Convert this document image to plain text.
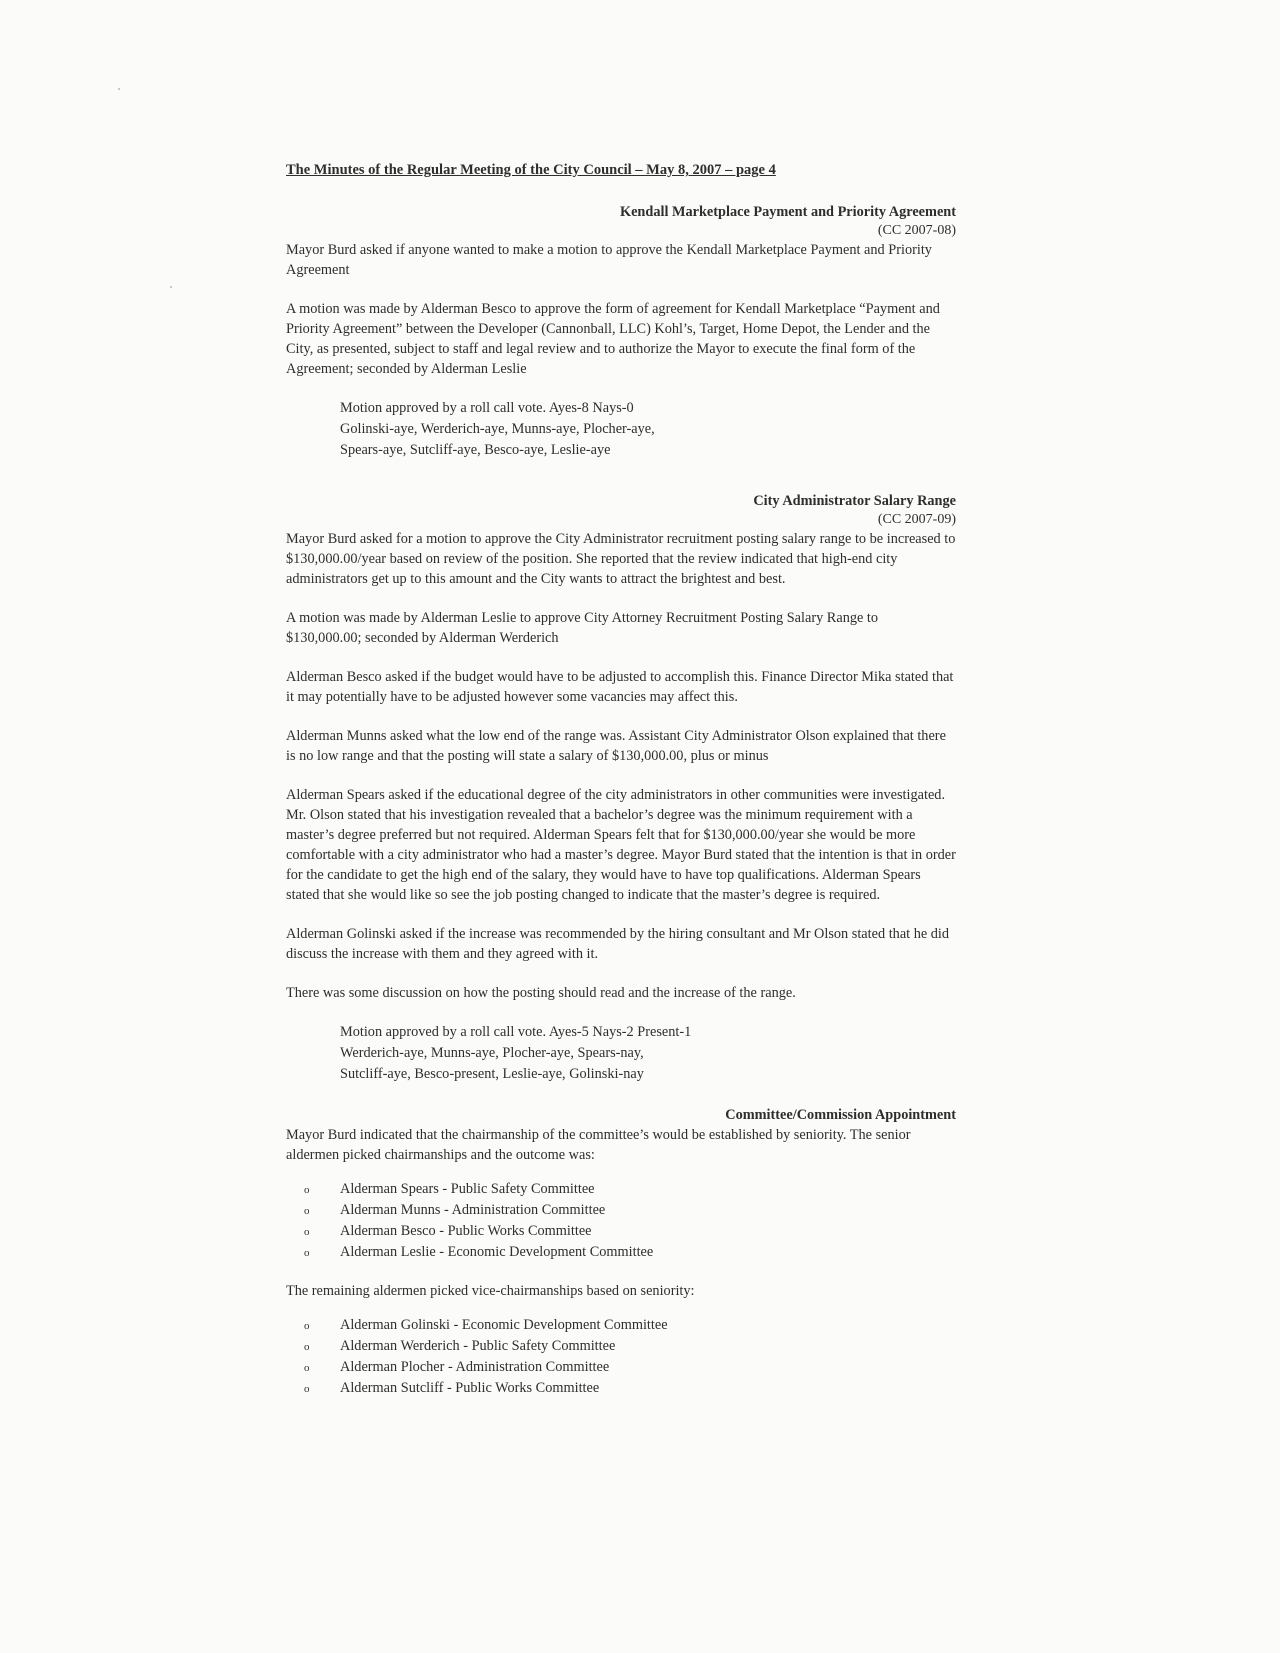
The Minutes of the Regular Meeting of the City Council – May 8, 2007 – page 4
Kendall Marketplace Payment and Priority Agreement
(CC 2007-08)

Mayor Burd asked if anyone wanted to make a motion to approve the Kendall Marketplace Payment and Priority Agreement

A motion was made by Alderman Besco to approve the form of agreement for Kendall Marketplace “Payment and Priority Agreement” between the Developer (Cannonball, LLC) Kohl’s, Target, Home Depot, the Lender and the City, as presented, subject to staff and legal review and to authorize the Mayor to execute the final form of the Agreement; seconded by Alderman Leslie

Motion approved by a roll call vote. Ayes-8 Nays-0
Golinski-aye, Werderich-aye, Munns-aye, Plocher-aye,
Spears-aye, Sutcliff-aye, Besco-aye, Leslie-aye
City Administrator Salary Range
(CC 2007-09)

Mayor Burd asked for a motion to approve the City Administrator recruitment posting salary range to be increased to $130,000.00/year based on review of the position. She reported that the review indicated that high-end city administrators get up to this amount and the City wants to attract the brightest and best.

A motion was made by Alderman Leslie to approve City Attorney Recruitment Posting Salary Range to $130,000.00; seconded by Alderman Werderich

Alderman Besco asked if the budget would have to be adjusted to accomplish this. Finance Director Mika stated that it may potentially have to be adjusted however some vacancies may affect this.

Alderman Munns asked what the low end of the range was. Assistant City Administrator Olson explained that there is no low range and that the posting will state a salary of $130,000.00, plus or minus

Alderman Spears asked if the educational degree of the city administrators in other communities were investigated. Mr. Olson stated that his investigation revealed that a bachelor’s degree was the minimum requirement with a master’s degree preferred but not required. Alderman Spears felt that for $130,000.00/year she would be more comfortable with a city administrator who had a master’s degree. Mayor Burd stated that the intention is that in order for the candidate to get the high end of the salary, they would have to have top qualifications. Alderman Spears stated that she would like so see the job posting changed to indicate that the master’s degree is required.

Alderman Golinski asked if the increase was recommended by the hiring consultant and Mr Olson stated that he did discuss the increase with them and they agreed with it.

There was some discussion on how the posting should read and the increase of the range.

Motion approved by a roll call vote. Ayes-5 Nays-2 Present-1
Werderich-aye, Munns-aye, Plocher-aye, Spears-nay,
Sutcliff-aye, Besco-present, Leslie-aye, Golinski-nay
Committee/Commission Appointment

Mayor Burd indicated that the chairmanship of the committee’s would be established by seniority. The senior aldermen picked chairmanships and the outcome was:

o Alderman Spears - Public Safety Committee
o Alderman Munns - Administration Committee
o Alderman Besco - Public Works Committee
o Alderman Leslie - Economic Development Committee

The remaining aldermen picked vice-chairmanships based on seniority:

o Alderman Golinski - Economic Development Committee
o Alderman Werderich - Public Safety Committee
o Alderman Plocher - Administration Committee
o Alderman Sutcliff - Public Works Committee
